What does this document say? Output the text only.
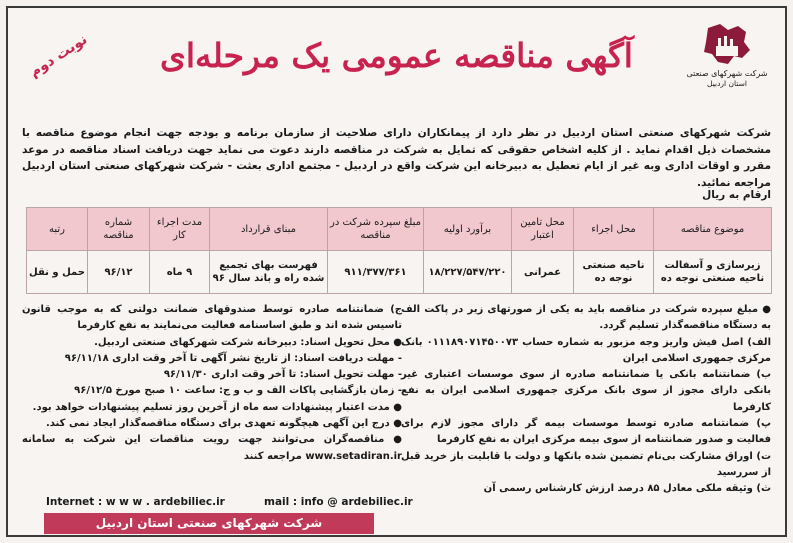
شرکت شهرکهای صنعتی
استان اردبیل
آگهی مناقصه عمومی یک مرحله‌ای
نوبت دوم
شرکت شهرکهای صنعتی استان اردبیل در نظر دارد از پیمانکاران دارای صلاحیت از سازمان برنامه و بودجه جهت انجام موضوع مناقصه با مشخصات ذیل اقدام نماید . از کلیه اشخاص حقوقی که تمایل به شرکت در مناقصه دارند دعوت می نماید جهت دریافت اسناد مناقصه در موعد مقرر و اوقات اداری وبه غیر از ایام تعطیل به دبیرخانه این شرکت واقع در اردبیل - مجتمع اداری بعثت - شرکت شهرکهای صنعتی استان اردبیل مراجعه نمائید.
ارقام به ریال
موضوع مناقصه	محل اجراء	محل تامین اعتبار	برآورد اولیه	مبلغ سپرده شرکت در مناقصه	مبنای قرارداد	مدت اجراء کار	شماره مناقصه	رتبه
زیرسازی و آسفالت ناحیه صنعتی نوجه ده	ناحیه صنعتی نوجه ده	عمرانی	۱۸/۲۲۷/۵۴۷/۲۲۰	۹۱۱/۳۷۷/۳۶۱	فهرست بهای تجمیع شده راه و باند سال ۹۶	۹ ماه	۹۶/۱۲	حمل و نقل
● مبلغ سپرده شرکت در مناقصه باید به یکی از صورتهای زیر در پاکت الف به دستگاه مناقصه‌گذار تسلیم گردد.
الف) اصل فیش واریز وجه مزبور به شماره حساب ۰۱۱۱۸۹۰۷۱۴۵۰۰۷۳ بانک مرکزی جمهوری اسلامی ایران
ب) ضمانتنامه بانکی یا ضمانتنامه صادره از سوی موسسات اعتباری غیر بانکی دارای مجوز از سوی بانک مرکزی جمهوری اسلامی ایران به نفع کارفرما
پ) ضمانتنامه صادره توسط موسسات بیمه گر دارای مجوز لازم برای فعالیت و صدور ضمانتنامه از سوی بیمه مرکزی ایران به نفع کارفرما
ت) اوراق مشارکت بی‌نام تضمین شده بانکها و دولت با قابلیت باز خرید قبل از سررسید
ث) وثیقه ملکی معادل ۸۵ درصد ارزش کارشناس رسمی آن
ج) ضمانتنامه صادره توسط صندوقهای ضمانت دولتی که به موجب قانون تاسیس شده اند و طبق اساسنامه فعالیت می‌نمایند به نفع کارفرما
● محل تحویل اسناد: دبیرخانه شرکت شهرکهای صنعتی اردبیل.
- مهلت دریافت اسناد: از تاریخ نشر آگهی تا آخر وقت اداری ۹۶/۱۱/۱۸
- مهلت تحویل اسناد: تا آخر وقت اداری ۹۶/۱۱/۳۰
- زمان بازگشایی پاکات الف و ب و ج: ساعت ۱۰ صبح مورخ ۹۶/۱۲/۵
● مدت اعتبار پیشنهادات سه ماه از آخرین روز تسلیم پیشنهادات خواهد بود.
● درج این آگهی هیچگونه تعهدی برای دستگاه مناقصه‌گذار ایجاد نمی کند.
● مناقصه‌گران می‌توانند جهت رویت مناقصات این شرکت به سامانه www.setadiran.ir مراجعه کنند
Internet : w w w . ardebiliec.ir	mail : info @ ardebiliec.ir
شرکت شهرکهای صنعتی استان اردبیل
